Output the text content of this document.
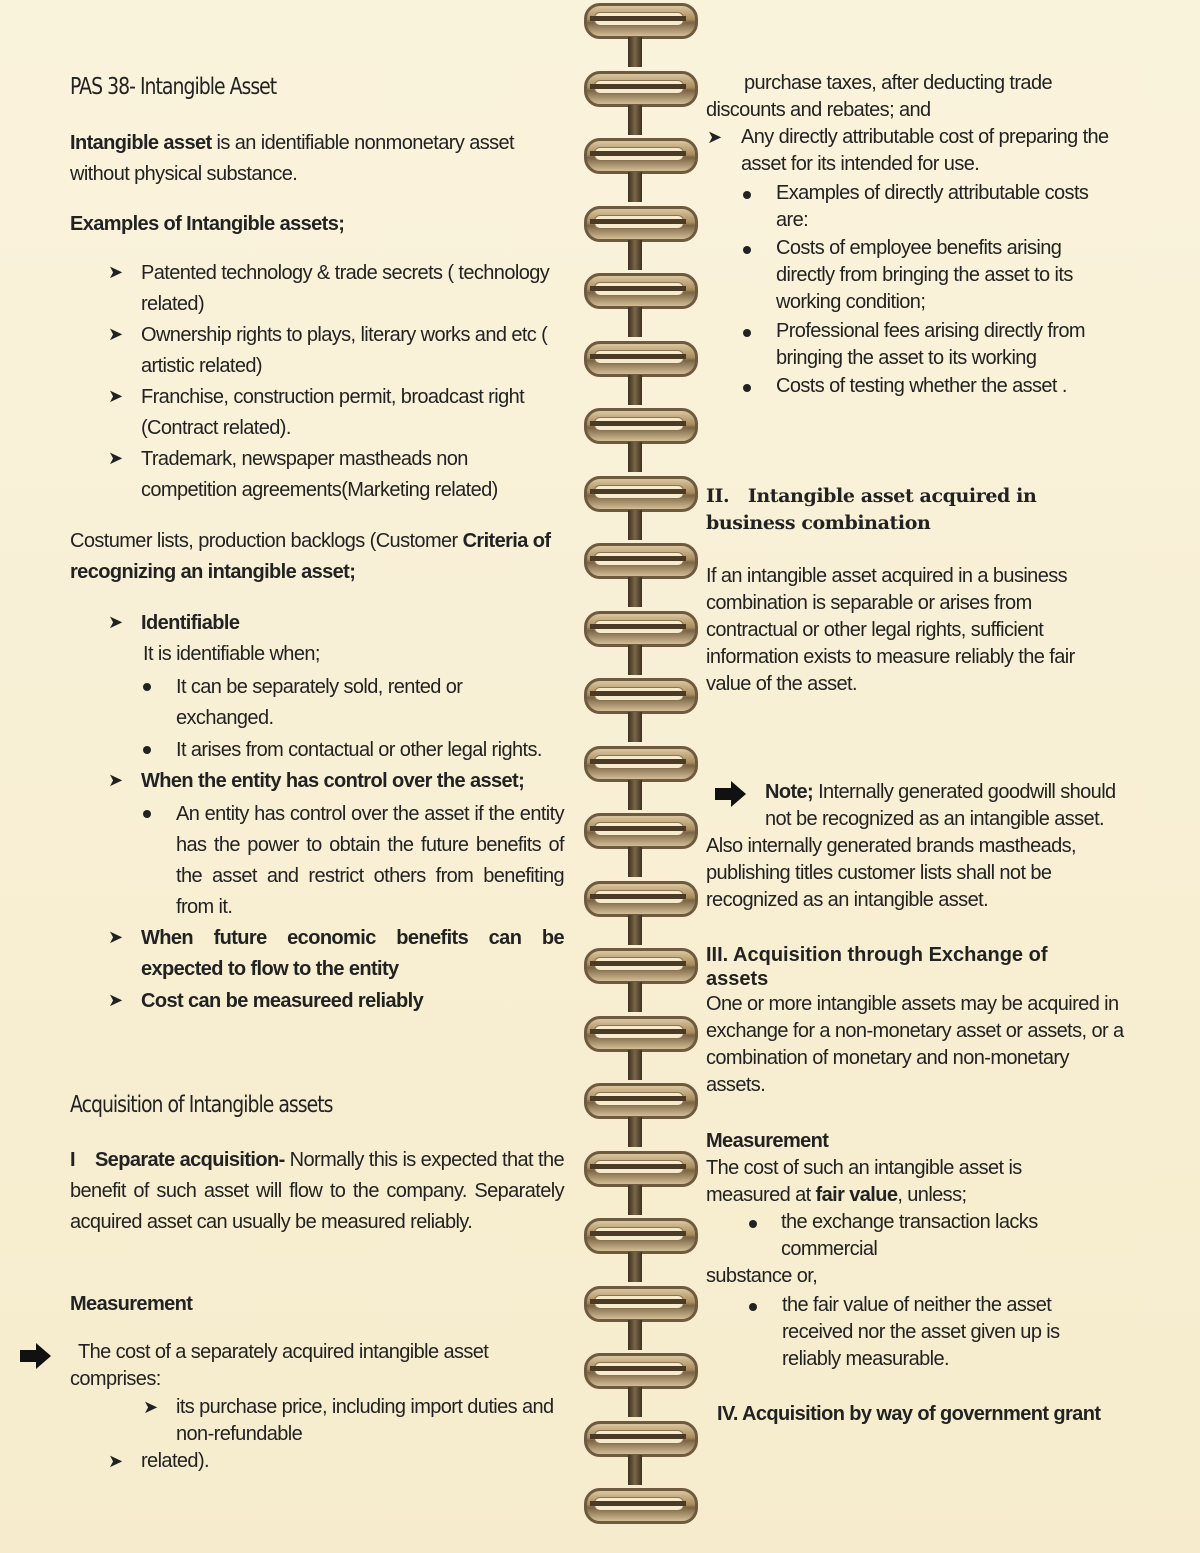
PAS 38- Intangible Asset
Intangible asset is an identifiable nonmonetary asset without physical substance.
Examples of Intangible assets;
➤ Patented technology & trade secrets ( technology related)
➤ Ownership rights to plays, literary works and etc ( artistic related)
➤ Franchise, construction permit, broadcast right (Contract related).
➤ Trademark, newspaper mastheads non competition agreements(Marketing related)
Costumer lists, production backlogs (Customer Criteria of recognizing an intangible asset;
➤ Identifiable
It is identifiable when;
It can be separately sold, rented or exchanged.
It arises from contactual or other legal rights.
➤ When the entity has control over the asset;
An entity has control over the asset if the entity has the power to obtain the future benefits of the asset and restrict others from benefiting from it.
➤ When future economic benefits can be expected to flow to the entity
➤ Cost can be measureed reliably
Acquisition of Intangible assets
I Separate acquisition- Normally this is expected that the benefit of such asset will flow to the company. Separately acquired asset can usually be measured reliably.
Measurement
The cost of a separately acquired intangible asset comprises:
➤ its purchase price, including import duties and non-refundable
➤ related).
purchase taxes, after deducting trade discounts and rebates; and
➤ Any directly attributable cost of preparing the asset for its intended for use.
Examples of directly attributable costs are:
Costs of employee benefits arising directly from bringing the asset to its working condition;
Professional fees arising directly from bringing the asset to its working
Costs of testing whether the asset .
II. Intangible asset acquired in business combination
If an intangible asset acquired in a business combination is separable or arises from contractual or other legal rights, sufficient information exists to measure reliably the fair value of the asset.
Note; Internally generated goodwill should not be recognized as an intangible asset.
Also internally generated brands mastheads, publishing titles customer lists shall not be recognized as an intangible asset.
III. Acquisition through Exchange of assets
One or more intangible assets may be acquired in exchange for a non-monetary asset or assets, or a combination of monetary and non-monetary assets.
Measurement
The cost of such an intangible asset is measured at fair value, unless;
the exchange transaction lacks commercial
substance or,
the fair value of neither the asset received nor the asset given up is reliably measurable.
IV. Acquisition by way of government grant
